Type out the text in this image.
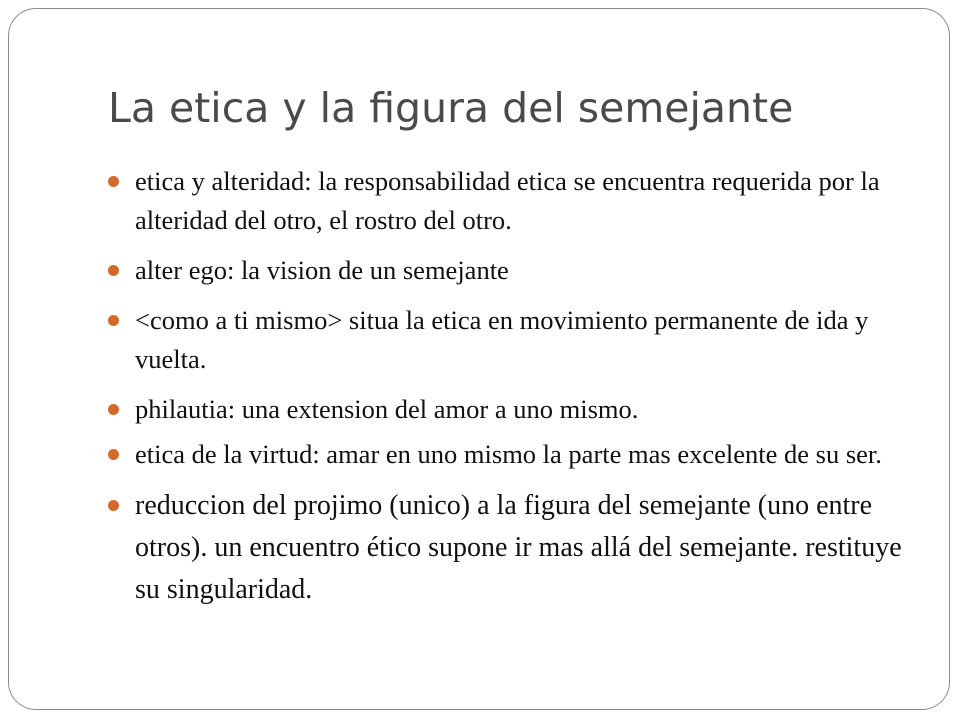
La etica y la figura del semejante
etica y alteridad: la responsabilidad etica se encuentra requerida por la alteridad del otro, el rostro del otro.
alter ego: la vision de un semejante
<como a ti mismo> situa la etica en movimiento permanente de ida y vuelta.
philautia: una extension del amor a uno mismo.
etica de la virtud: amar en uno mismo la parte mas excelente de su ser.
reduccion del projimo (unico) a la figura del semejante (uno entre otros). un encuentro ético supone ir mas allá del semejante. restituye su singularidad.
